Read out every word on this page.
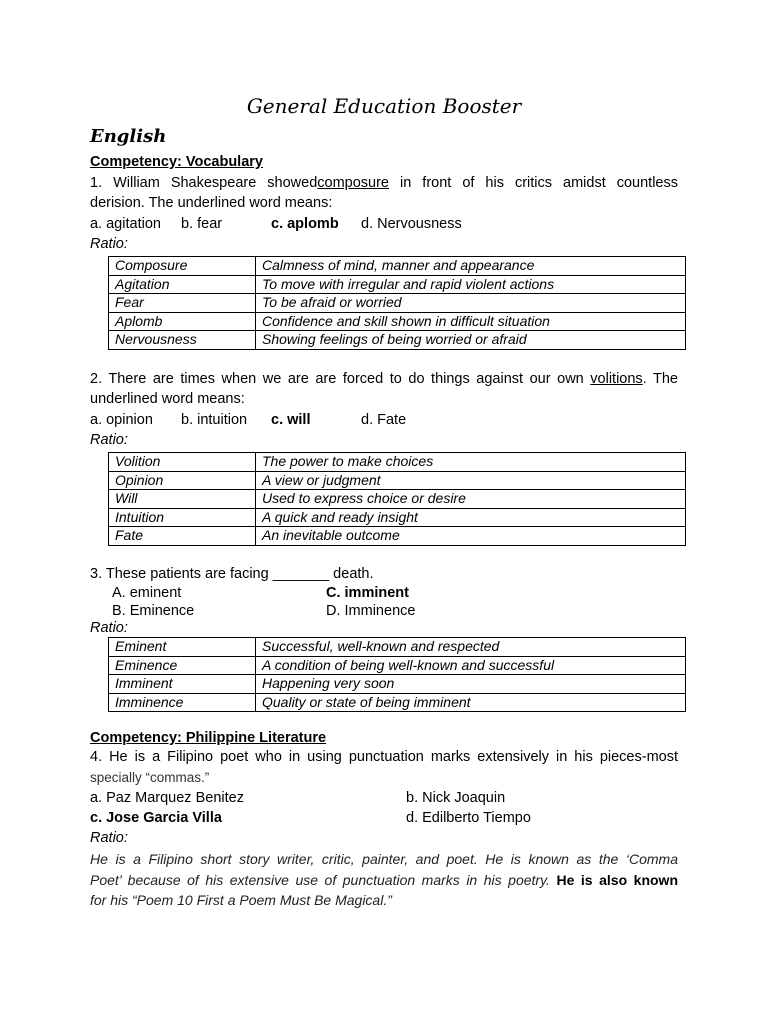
General Education Booster
English
Competency: Vocabulary
1. William Shakespeare showedcomposure in front of his critics amidst countless
derision. The underlined word means:
a. agitation b. fear	c. aplomb d. Nervousness
Ratio:
Composure	Calmness of mind, manner and appearance
Agitation	To move with irregular and rapid violent actions
Fear	To be afraid or worried
Aplomb	Confidence and skill shown in difficult situation
Nervousness	Showing feelings of being worried or afraid
2. There are times when we are are forced to do things against our own volitions. The
underlined word means:
a. opinion b. intuition c. will	d. Fate
Ratio:
Volition	The power to make choices
Opinion	A view or judgment
Will	Used to express choice or desire
Intuition	A quick and ready insight
Fate	An inevitable outcome
3. These patients are facing _______ death.
A. eminent	C. imminent
B. Eminence	D. Imminence
Ratio:
Eminent	Successful, well-known and respected
Eminence	A condition of being well-known and successful
Imminent	Happening very soon
Imminence	Quality or state of being imminent
Competency: Philippine Literature
4. He is a Filipino poet who in using punctuation marks extensively in his pieces-most
specially “commas.”
a. Paz Marquez Benitez	b. Nick Joaquin
c. Jose Garcia Villa	d. Edilberto Tiempo
Ratio:
He is a Filipino short story writer, critic, painter, and poet. He is known as the ‘Comma
Poet’ because of his extensive use of punctuation marks in his poetry. He is also known
for his “Poem 10 First a Poem Must Be Magical.”
